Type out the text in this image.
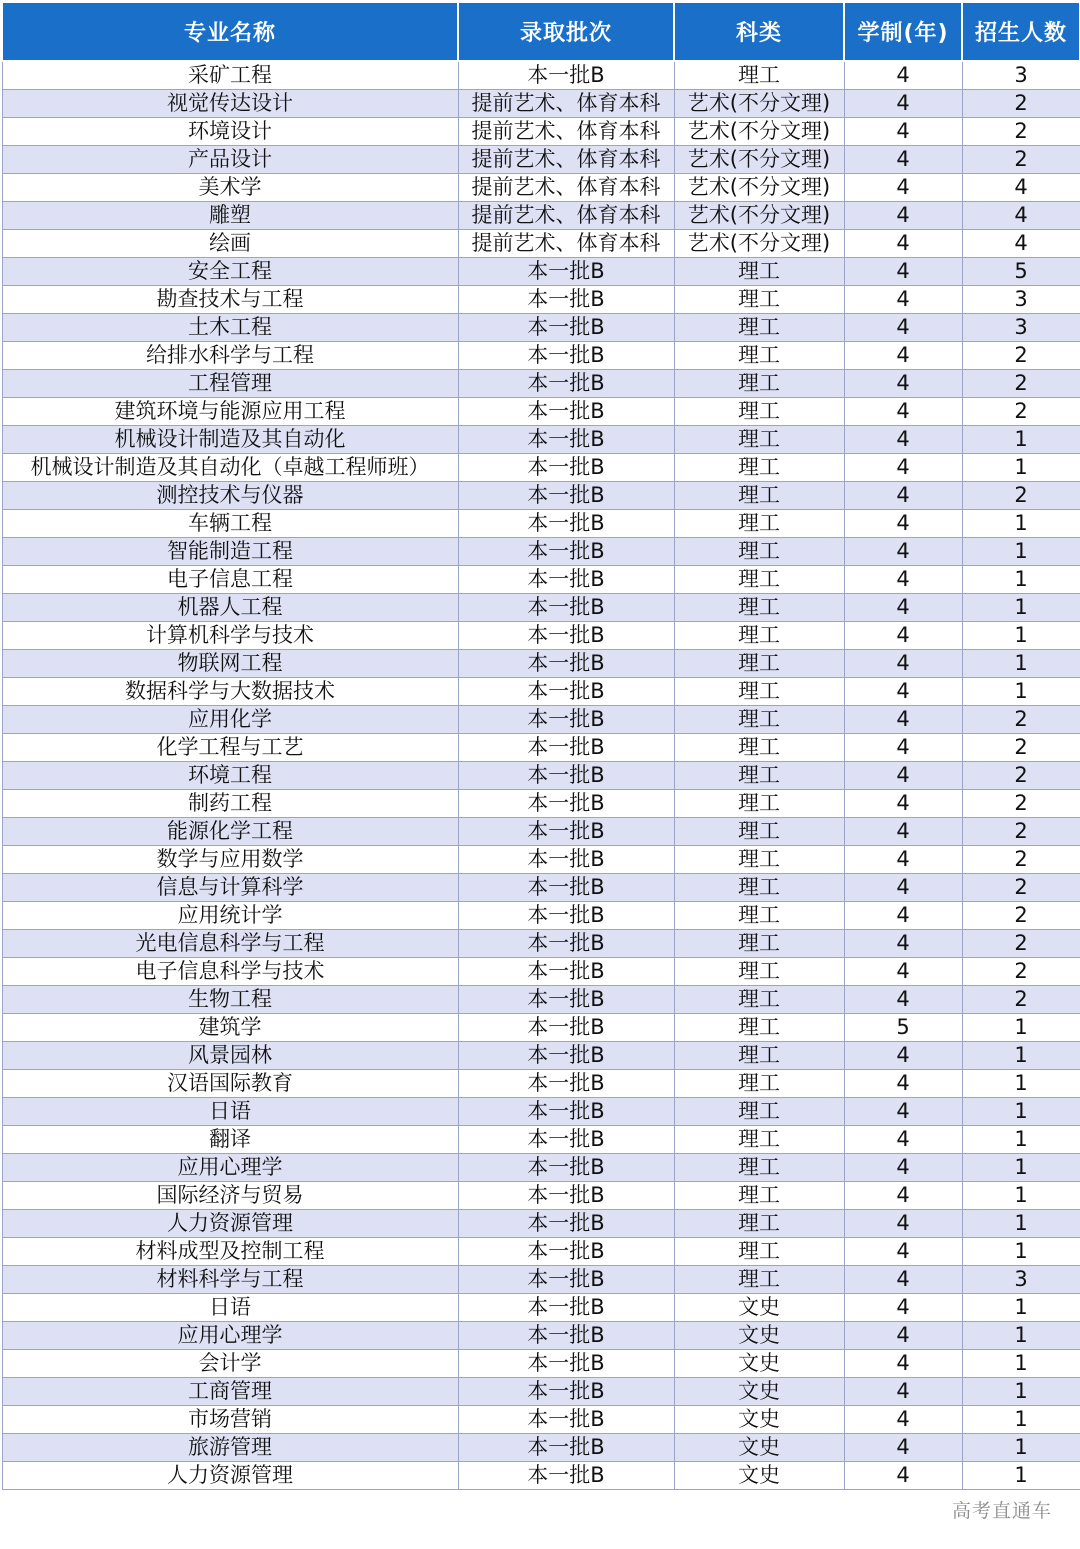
专业名称	录取批次	科类	学制(年)	招生人数
采矿工程	本一批B	理工	4	3
视觉传达设计	提前艺术、体育本科	艺术(不分文理)	4	2
环境设计	提前艺术、体育本科	艺术(不分文理)	4	2
产品设计	提前艺术、体育本科	艺术(不分文理)	4	2
美术学	提前艺术、体育本科	艺术(不分文理)	4	4
雕塑	提前艺术、体育本科	艺术(不分文理)	4	4
绘画	提前艺术、体育本科	艺术(不分文理)	4	4
安全工程	本一批B	理工	4	5
勘查技术与工程	本一批B	理工	4	3
土木工程	本一批B	理工	4	3
给排水科学与工程	本一批B	理工	4	2
工程管理	本一批B	理工	4	2
建筑环境与能源应用工程	本一批B	理工	4	2
机械设计制造及其自动化	本一批B	理工	4	1
机械设计制造及其自动化（卓越工程师班）	本一批B	理工	4	1
测控技术与仪器	本一批B	理工	4	2
车辆工程	本一批B	理工	4	1
智能制造工程	本一批B	理工	4	1
电子信息工程	本一批B	理工	4	1
机器人工程	本一批B	理工	4	1
计算机科学与技术	本一批B	理工	4	1
物联网工程	本一批B	理工	4	1
数据科学与大数据技术	本一批B	理工	4	1
应用化学	本一批B	理工	4	2
化学工程与工艺	本一批B	理工	4	2
环境工程	本一批B	理工	4	2
制药工程	本一批B	理工	4	2
能源化学工程	本一批B	理工	4	2
数学与应用数学	本一批B	理工	4	2
信息与计算科学	本一批B	理工	4	2
应用统计学	本一批B	理工	4	2
光电信息科学与工程	本一批B	理工	4	2
电子信息科学与技术	本一批B	理工	4	2
生物工程	本一批B	理工	4	2
建筑学	本一批B	理工	5	1
风景园林	本一批B	理工	4	1
汉语国际教育	本一批B	理工	4	1
日语	本一批B	理工	4	1
翻译	本一批B	理工	4	1
应用心理学	本一批B	理工	4	1
国际经济与贸易	本一批B	理工	4	1
人力资源管理	本一批B	理工	4	1
材料成型及控制工程	本一批B	理工	4	1
材料科学与工程	本一批B	理工	4	3
日语	本一批B	文史	4	1
应用心理学	本一批B	文史	4	1
会计学	本一批B	文史	4	1
工商管理	本一批B	文史	4	1
市场营销	本一批B	文史	4	1
旅游管理	本一批B	文史	4	1
人力资源管理	本一批B	文史	4	1
高考直通车
